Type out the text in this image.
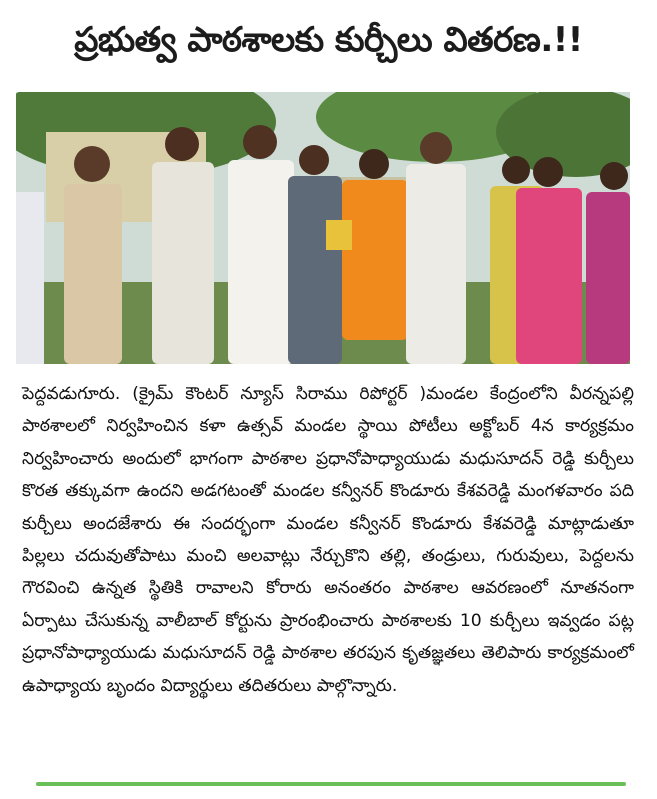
ప్రభుత్వ పాఠశాలకు కుర్చీలు వితరణ.!!
పెద్దవడుగూరు. (క్రైమ్ కౌంటర్ న్యూస్ సిరాము రిపోర్టర్ )మండల కేంద్రంలోని వీరన్నపల్లి పాఠశాలలో నిర్వహించిన కళా ఉత్సవ్ మండల స్థాయి పోటీలు అక్టోబర్ 4న కార్యక్రమం నిర్వహించారు అందులో భాగంగా పాఠశాల ప్రధానోపాధ్యాయుడు మధుసూదన్ రెడ్డి కుర్చీలు కొరత తక్కువగా ఉందని అడగటంతో మండల కన్వీనర్ కొండూరు కేశవరెడ్డి మంగళవారం పది కుర్చీలు అందజేశారు ఈ సందర్భంగా మండల కన్వీనర్ కొండూరు కేశవరెడ్డి మాట్లాడుతూ పిల్లలు చదువుతోపాటు మంచి అలవాట్లు నేర్చుకొని తల్లి, తండ్రులు, గురువులు, పెద్దలను గౌరవించి ఉన్నత స్థితికి రావాలని కోరారు అనంతరం పాఠశాల ఆవరణంలో నూతనంగా ఏర్పాటు చేసుకున్న వాలీబాల్ కోర్టును ప్రారంభించారు పాఠశాలకు 10 కుర్చీలు ఇవ్వడం పట్ల ప్రధానోపాధ్యాయుడు మధుసూదన్ రెడ్డి పాఠశాల తరపున కృతజ్ఞతలు తెలిపారు కార్యక్రమంలో ఉపాధ్యాయ బృందం విద్యార్థులు తదితరులు పాల్గొన్నారు.
